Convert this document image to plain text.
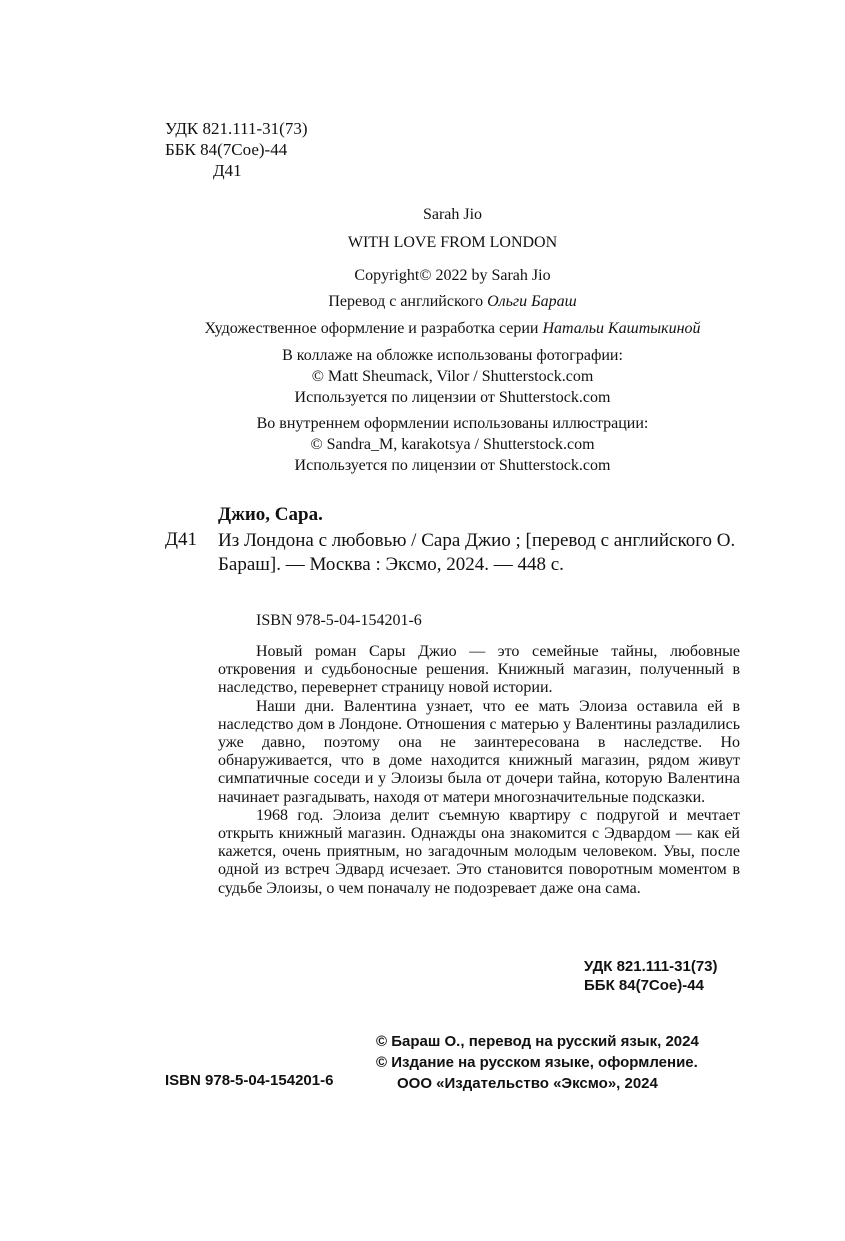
УДК 821.111-31(73)
ББК 84(7Сое)-44
Д41
Sarah Jio
WITH LOVE FROM LONDON
Copyright© 2022 by Sarah Jio
Перевод с английского Ольги Бараш
Художественное оформление и разработка серии Натальи Каштыкиной
В коллаже на обложке использованы фотографии:
© Matt Sheumack, Vilor / Shutterstock.com
Используется по лицензии от Shutterstock.com
Во внутреннем оформлении использованы иллюстрации:
© Sandra_M, karakotsya / Shutterstock.com
Используется по лицензии от Shutterstock.com
Джио, Сара.
Д41 Из Лондона с любовью / Сара Джио ; [перевод с английского О. Бараш]. — Москва : Эксмо, 2024. — 448 с.
ISBN 978-5-04-154201-6

Новый роман Сары Джио — это семейные тайны, любовные откровения и судьбоносные решения. Книжный магазин, полученный в наследство, перевернет страницу новой истории.

Наши дни. Валентина узнает, что ее мать Элоиза оставила ей в наследство дом в Лондоне. Отношения с матерью у Валентины разладились уже давно, поэтому она не заинтересована в наследстве. Но обнаруживается, что в доме находится книжный магазин, рядом живут симпатичные соседи и у Элоизы была от дочери тайна, которую Валентина начинает разгадывать, находя от матери многозначительные подсказки.

1968 год. Элоиза делит съемную квартиру с подругой и мечтает открыть книжный магазин. Однажды она знакомится с Эдвардом — как ей кажется, очень приятным, но загадочным молодым человеком. Увы, после одной из встреч Эдвард исчезает. Это становится поворотным моментом в судьбе Элоизы, о чем поначалу не подозревает даже она сама.

УДК 821.111-31(73)
ББК 84(7Сое)-44
© Бараш О., перевод на русский язык, 2024
© Издание на русском языке, оформление.
ООО «Издательство «Эксмо», 2024
ISBN 978-5-04-154201-6
